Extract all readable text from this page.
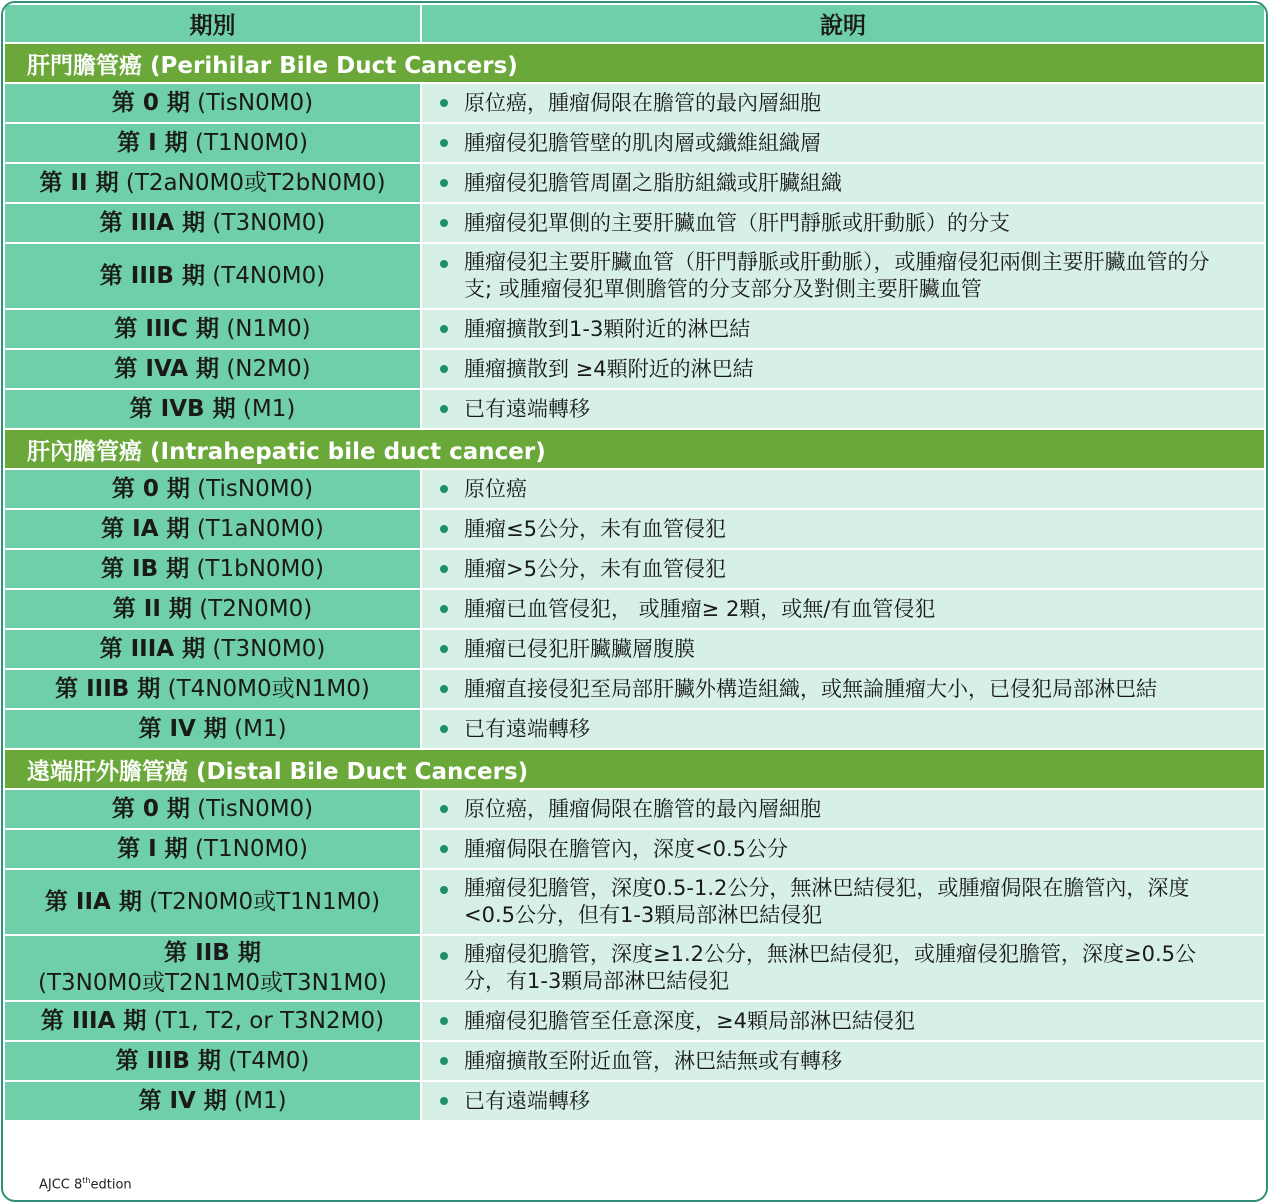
期別	說明
肝門膽管癌 (Perihilar Bile Duct Cancers)	
第 0 期 (TisN0M0)	原位癌，腫瘤侷限在膽管的最內層細胞
第 I 期 (T1N0M0)	腫瘤侵犯膽管壁的肌肉層或纖維組織層
第 II 期 (T2aN0M0或T2bN0M0)	腫瘤侵犯膽管周圍之脂肪組織或肝臟組織
第 IIIA 期 (T3N0M0)	腫瘤侵犯單側的主要肝臟血管（肝門靜脈或肝動脈）的分支
第 IIIB 期 (T4N0M0)	腫瘤侵犯主要肝臟血管（肝門靜脈或肝動脈），或腫瘤侵犯兩側主要肝臟血管的分支; 或腫瘤侵犯單側膽管的分支部分及對側主要肝臟血管
第 IIIC 期 (N1M0)	腫瘤擴散到1-3顆附近的淋巴結
第 IVA 期 (N2M0)	腫瘤擴散到 ≥4顆附近的淋巴結
第 IVB 期 (M1)	已有遠端轉移
肝內膽管癌 (Intrahepatic bile duct cancer)	
第 0 期 (TisN0M0)	原位癌
第 IA 期 (T1aN0M0)	腫瘤≤5公分，未有血管侵犯
第 IB 期 (T1bN0M0)	腫瘤>5公分，未有血管侵犯
第 II 期 (T2N0M0)	腫瘤已血管侵犯， 或腫瘤≥ 2顆，或無/有血管侵犯
第 IIIA 期 (T3N0M0)	腫瘤已侵犯肝臟臟層腹膜
第 IIIB 期 (T4N0M0或N1M0)	腫瘤直接侵犯至局部肝臟外構造組織，或無論腫瘤大小，已侵犯局部淋巴結
第 IV 期 (M1)	已有遠端轉移
遠端肝外膽管癌 (Distal Bile Duct Cancers)	
第 0 期 (TisN0M0)	原位癌，腫瘤侷限在膽管的最內層細胞
第 I 期 (T1N0M0)	腫瘤侷限在膽管內，深度<0.5公分
第 IIA 期 (T2N0M0或T1N1M0)	腫瘤侵犯膽管，深度0.5-1.2公分，無淋巴結侵犯，或腫瘤侷限在膽管內，深度<0.5公分，但有1-3顆局部淋巴結侵犯
第 IIB 期
(T3N0M0或T2N1M0或T3N1M0)	腫瘤侵犯膽管，深度≥1.2公分，無淋巴結侵犯，或腫瘤侵犯膽管，深度≥0.5公分，有1-3顆局部淋巴結侵犯
第 IIIA 期 (T1, T2, or T3N2M0)	腫瘤侵犯膽管至任意深度，≥4顆局部淋巴結侵犯
第 IIIB 期 (T4M0)	腫瘤擴散至附近血管，淋巴結無或有轉移
第 IV 期 (M1)	已有遠端轉移
AJCC 8thedtion
